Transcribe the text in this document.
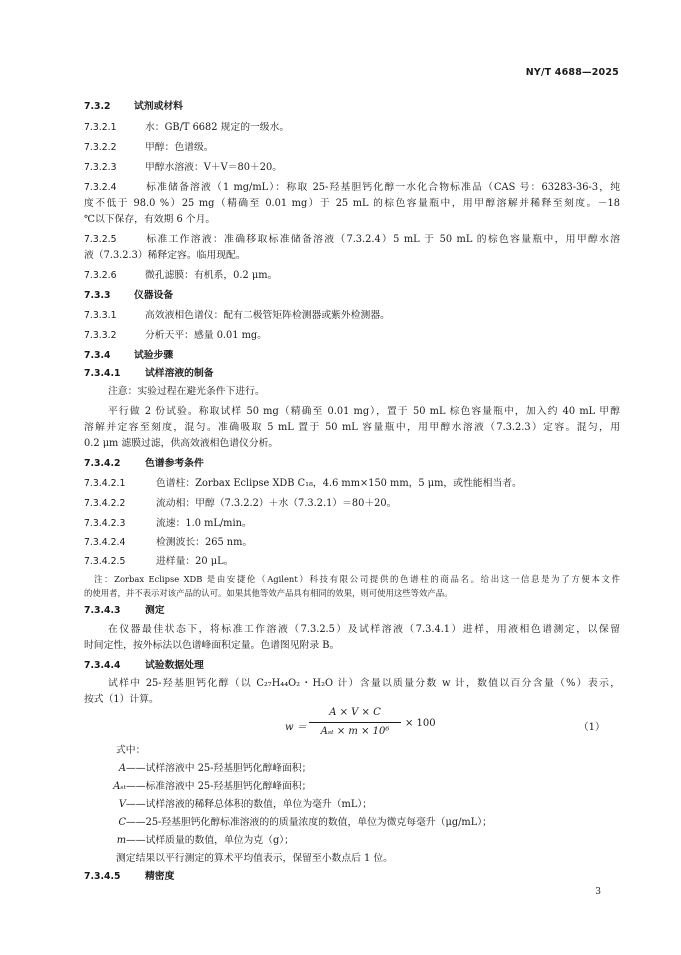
NY/T 4688—2025
7.3.2 试剂或材料
7.3.2.1	水：GB/T 6682 规定的一级水。
7.3.2.2	甲醇：色谱级。
7.3.2.3	甲醇水溶液：V＋V＝80＋20。
7.3.2.4	标准储备溶液（1 mg/mL）：称取 25-羟基胆钙化醇一水化合物标准品（CAS 号：63283-36-3，纯
度不低于 98.0 %）25 mg（精确至 0.01 mg）于 25 mL 的棕色容量瓶中，用甲醇溶解并稀释至刻度。－18
℃以下保存，有效期 6 个月。
7.3.2.5	标准工作溶液：准确移取标准储备溶液（7.3.2.4）5 mL 于 50 mL 的棕色容量瓶中，用甲醇水溶
液（7.3.2.3）稀释定容。临用现配。
7.3.2.6	微孔滤膜：有机系，0.2 μm。
7.3.3 仪器设备
7.3.3.1	高效液相色谱仪：配有二极管矩阵检测器或紫外检测器。
7.3.3.2	分析天平：感量 0.01 mg。
7.3.4 试验步骤
7.3.4.1	试样溶液的制备
注意：实验过程在避光条件下进行。
平行做 2 份试验。称取试样 50 mg（精确至 0.01 mg），置于 50 mL 棕色容量瓶中，加入约 40 mL 甲醇
溶解并定容至刻度，混匀。准确吸取 5 mL 置于 50 mL 容量瓶中，用甲醇水溶液（7.3.2.3）定容。混匀，用
0.2 μm 滤膜过滤，供高效液相色谱仪分析。
7.3.4.2	色谱参考条件
7.3.4.2.1	色谱柱：Zorbax Eclipse XDB C₁₈，4.6 mm×150 mm，5 μm，或性能相当者。
7.3.4.2.2	流动相：甲醇（7.3.2.2）＋水（7.3.2.1）＝80＋20。
7.3.4.2.3	流速：1.0 mL/min。
7.3.4.2.4	检测波长：265 nm。
7.3.4.2.5	进样量：20 μL。
注：Zorbax Eclipse XDB 是由安捷伦（Agilent）科技有限公司提供的色谱柱的商品名。给出这一信息是为了方便本文件
的使用者，并不表示对该产品的认可。如果其他等效产品具有相同的效果，则可使用这些等效产品。
7.3.4.3	测定
在仪器最佳状态下，将标准工作溶液（7.3.2.5）及试样溶液（7.3.4.1）进样，用液相色谱测定，以保留
时间定性，按外标法以色谱峰面积定量。色谱图见附录 B。
7.3.4.4	试验数据处理
试样中 25-羟基胆钙化醇（以 C₂₇H₄₄O₂・H₂O 计）含量以质量分数 w 计，数值以百分含量（%）表示，
按式（1）计算。
w ＝
A × V × C
Aₛₜ × m × 10⁶
× 100	（1）
式中：
A——试样溶液中 25-羟基胆钙化醇峰面积；
Aₛₜ——标准溶液中 25-羟基胆钙化醇峰面积；
V——试样溶液的稀释总体积的数值，单位为毫升（mL）；
C——25-羟基胆钙化醇标准溶液的的质量浓度的数值，单位为微克每毫升（μg/mL）；
m——试样质量的数值，单位为克（g）；
测定结果以平行测定的算术平均值表示，保留至小数点后 1 位。
7.3.4.5	精密度
3
